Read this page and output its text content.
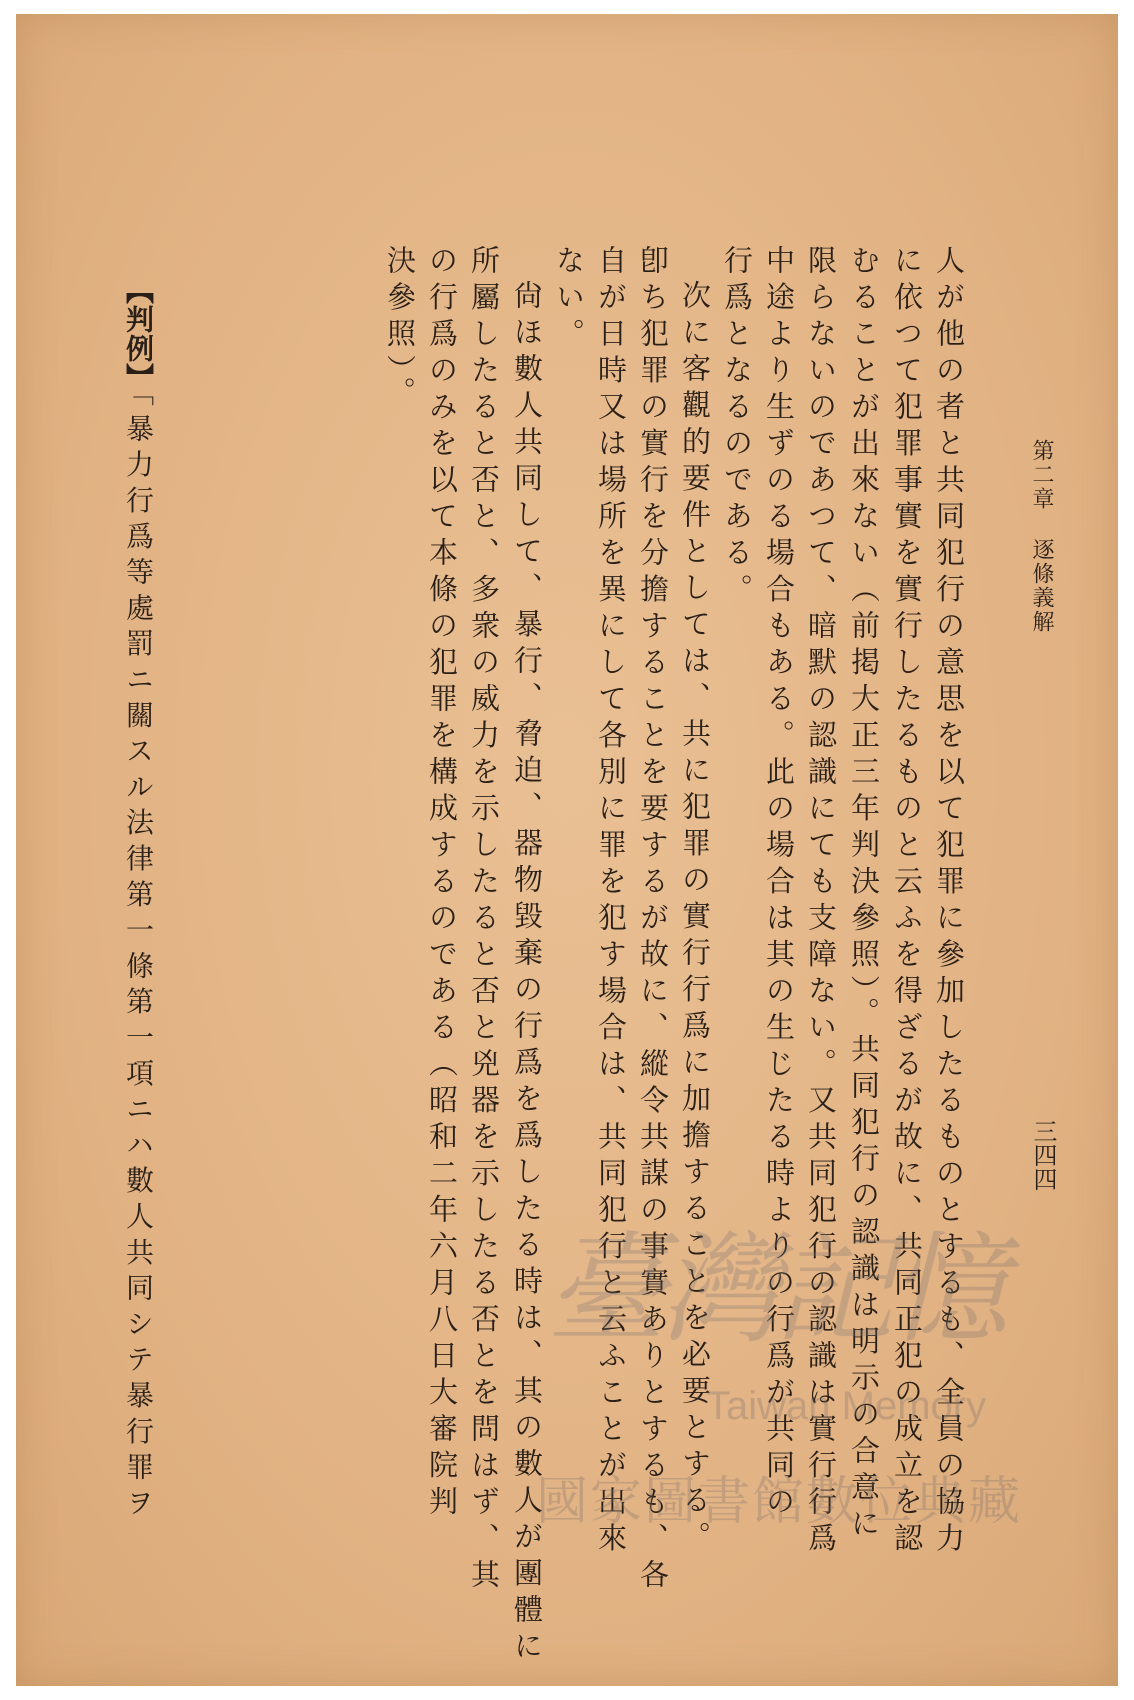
第二章 逐條義解
三四四
人が他の者と共同犯行の意思を以て犯罪に參加したるものとするも、全員の協力
に依つて犯罪事實を實行したるものと云ふを得ざるが故に、共同正犯の成立を認
むることが出來ない（前掲大正三年判決參照）。共同犯行の認識は明示の合意に
限らないのであつて、暗默の認識にても支障ない。又共同犯行の認識は實行行爲
中途より生ずのる場合もある。此の場合は其の生じたる時よりの行爲が共同の
行爲となるのである。
次に客觀的要件としては、共に犯罪の實行行爲に加擔することを必要とする。
卽ち犯罪の實行を分擔することを要するが故に、縱令共謀の事實ありとするも、各
自が日時又は場所を異にして各別に罪を犯す場合は、共同犯行と云ふことが出來
ない。
尙ほ數人共同して、暴行、脅迫、器物毀棄の行爲を爲したる時は、其の數人が團體に
所屬したると否と、多衆の威力を示したると否と兇器を示したる否とを問はず、其
の行爲のみを以て本條の犯罪を構成するのである（昭和二年六月八日大審院判
決參照）。
【判例】「暴力行爲等處罰ニ關スル法律第一條第一項ニハ數人共同シテ暴行罪ヲ	臺灣記憶
Taiwan Memory
國家圖書館數位典藏
